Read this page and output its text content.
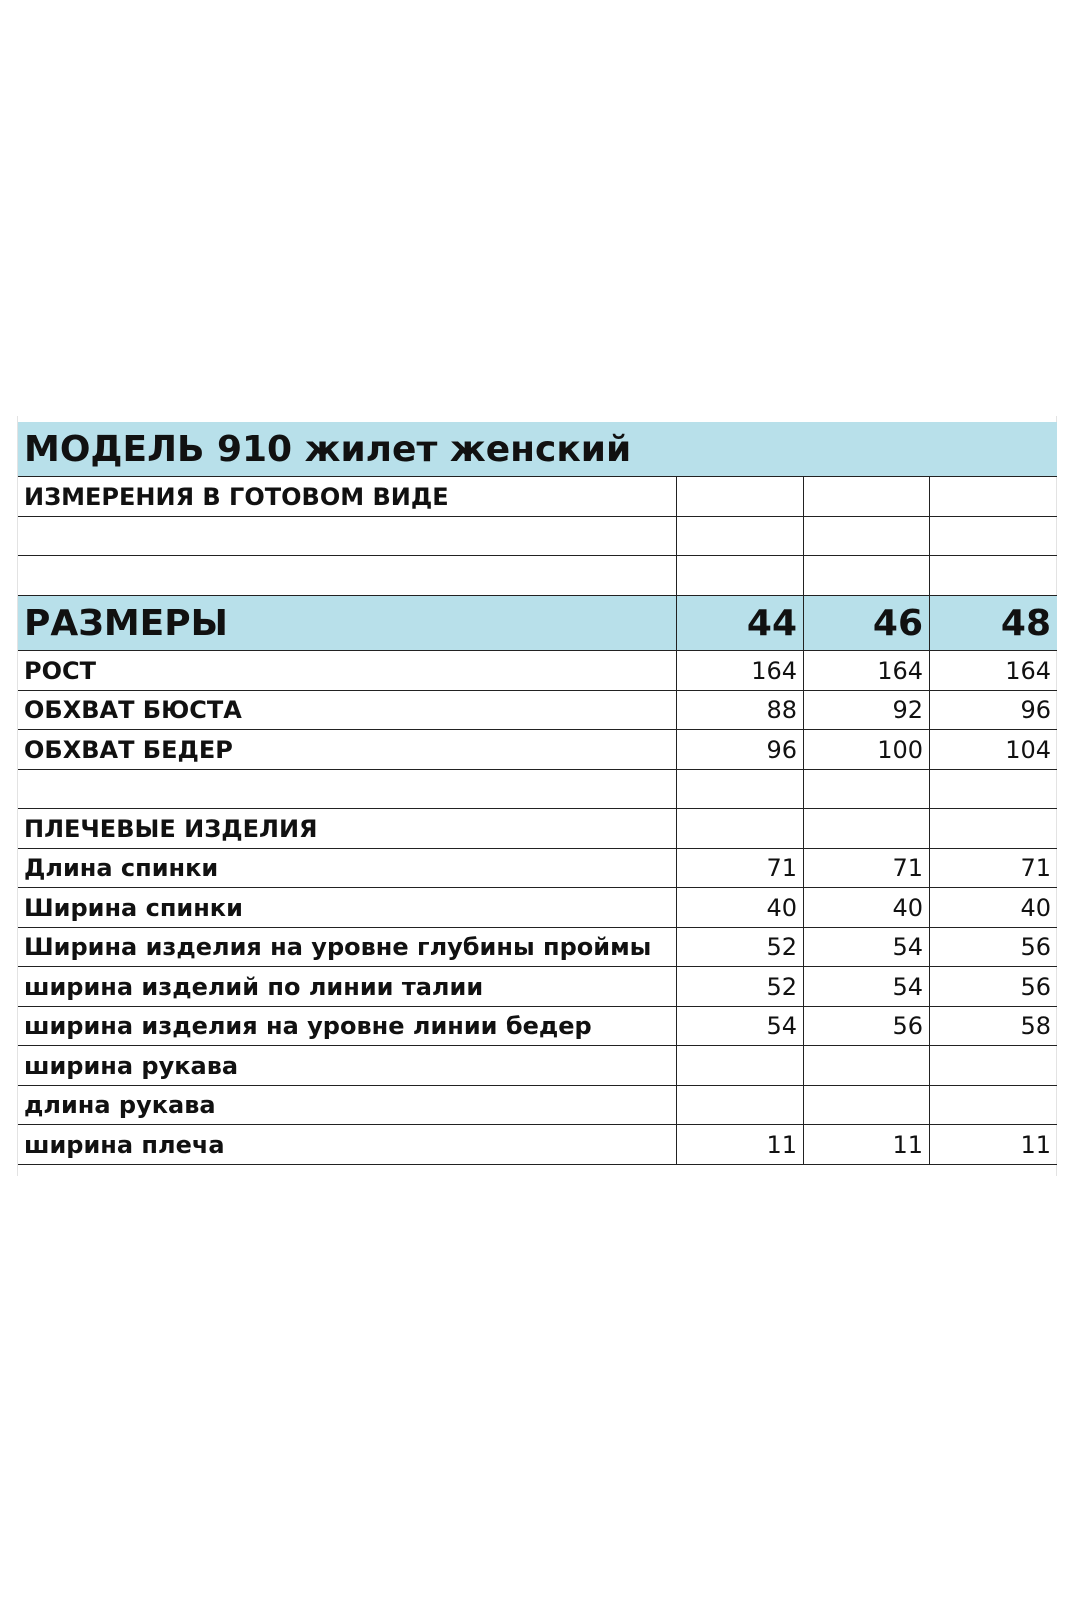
МОДЕЛЬ 910 жилет женский
ИЗМЕРЕНИЯ В ГОТОВОМ ВИДЕ
РАЗМЕРЫ	44	46	48
РОСТ	164	164	164
ОБХВАТ БЮСТА	88	92	96
ОБХВАТ БЕДЕР	96	100	104
ПЛЕЧЕВЫЕ ИЗДЕЛИЯ
Длина спинки	71	71	71
Ширина спинки	40	40	40
Ширина изделия на уровне глубины проймы	52	54	56
ширина изделий по линии талии	52	54	56
ширина изделия на уровне линии бедер	54	56	58
ширина рукава
длина рукава
ширина плеча	11	11	11
